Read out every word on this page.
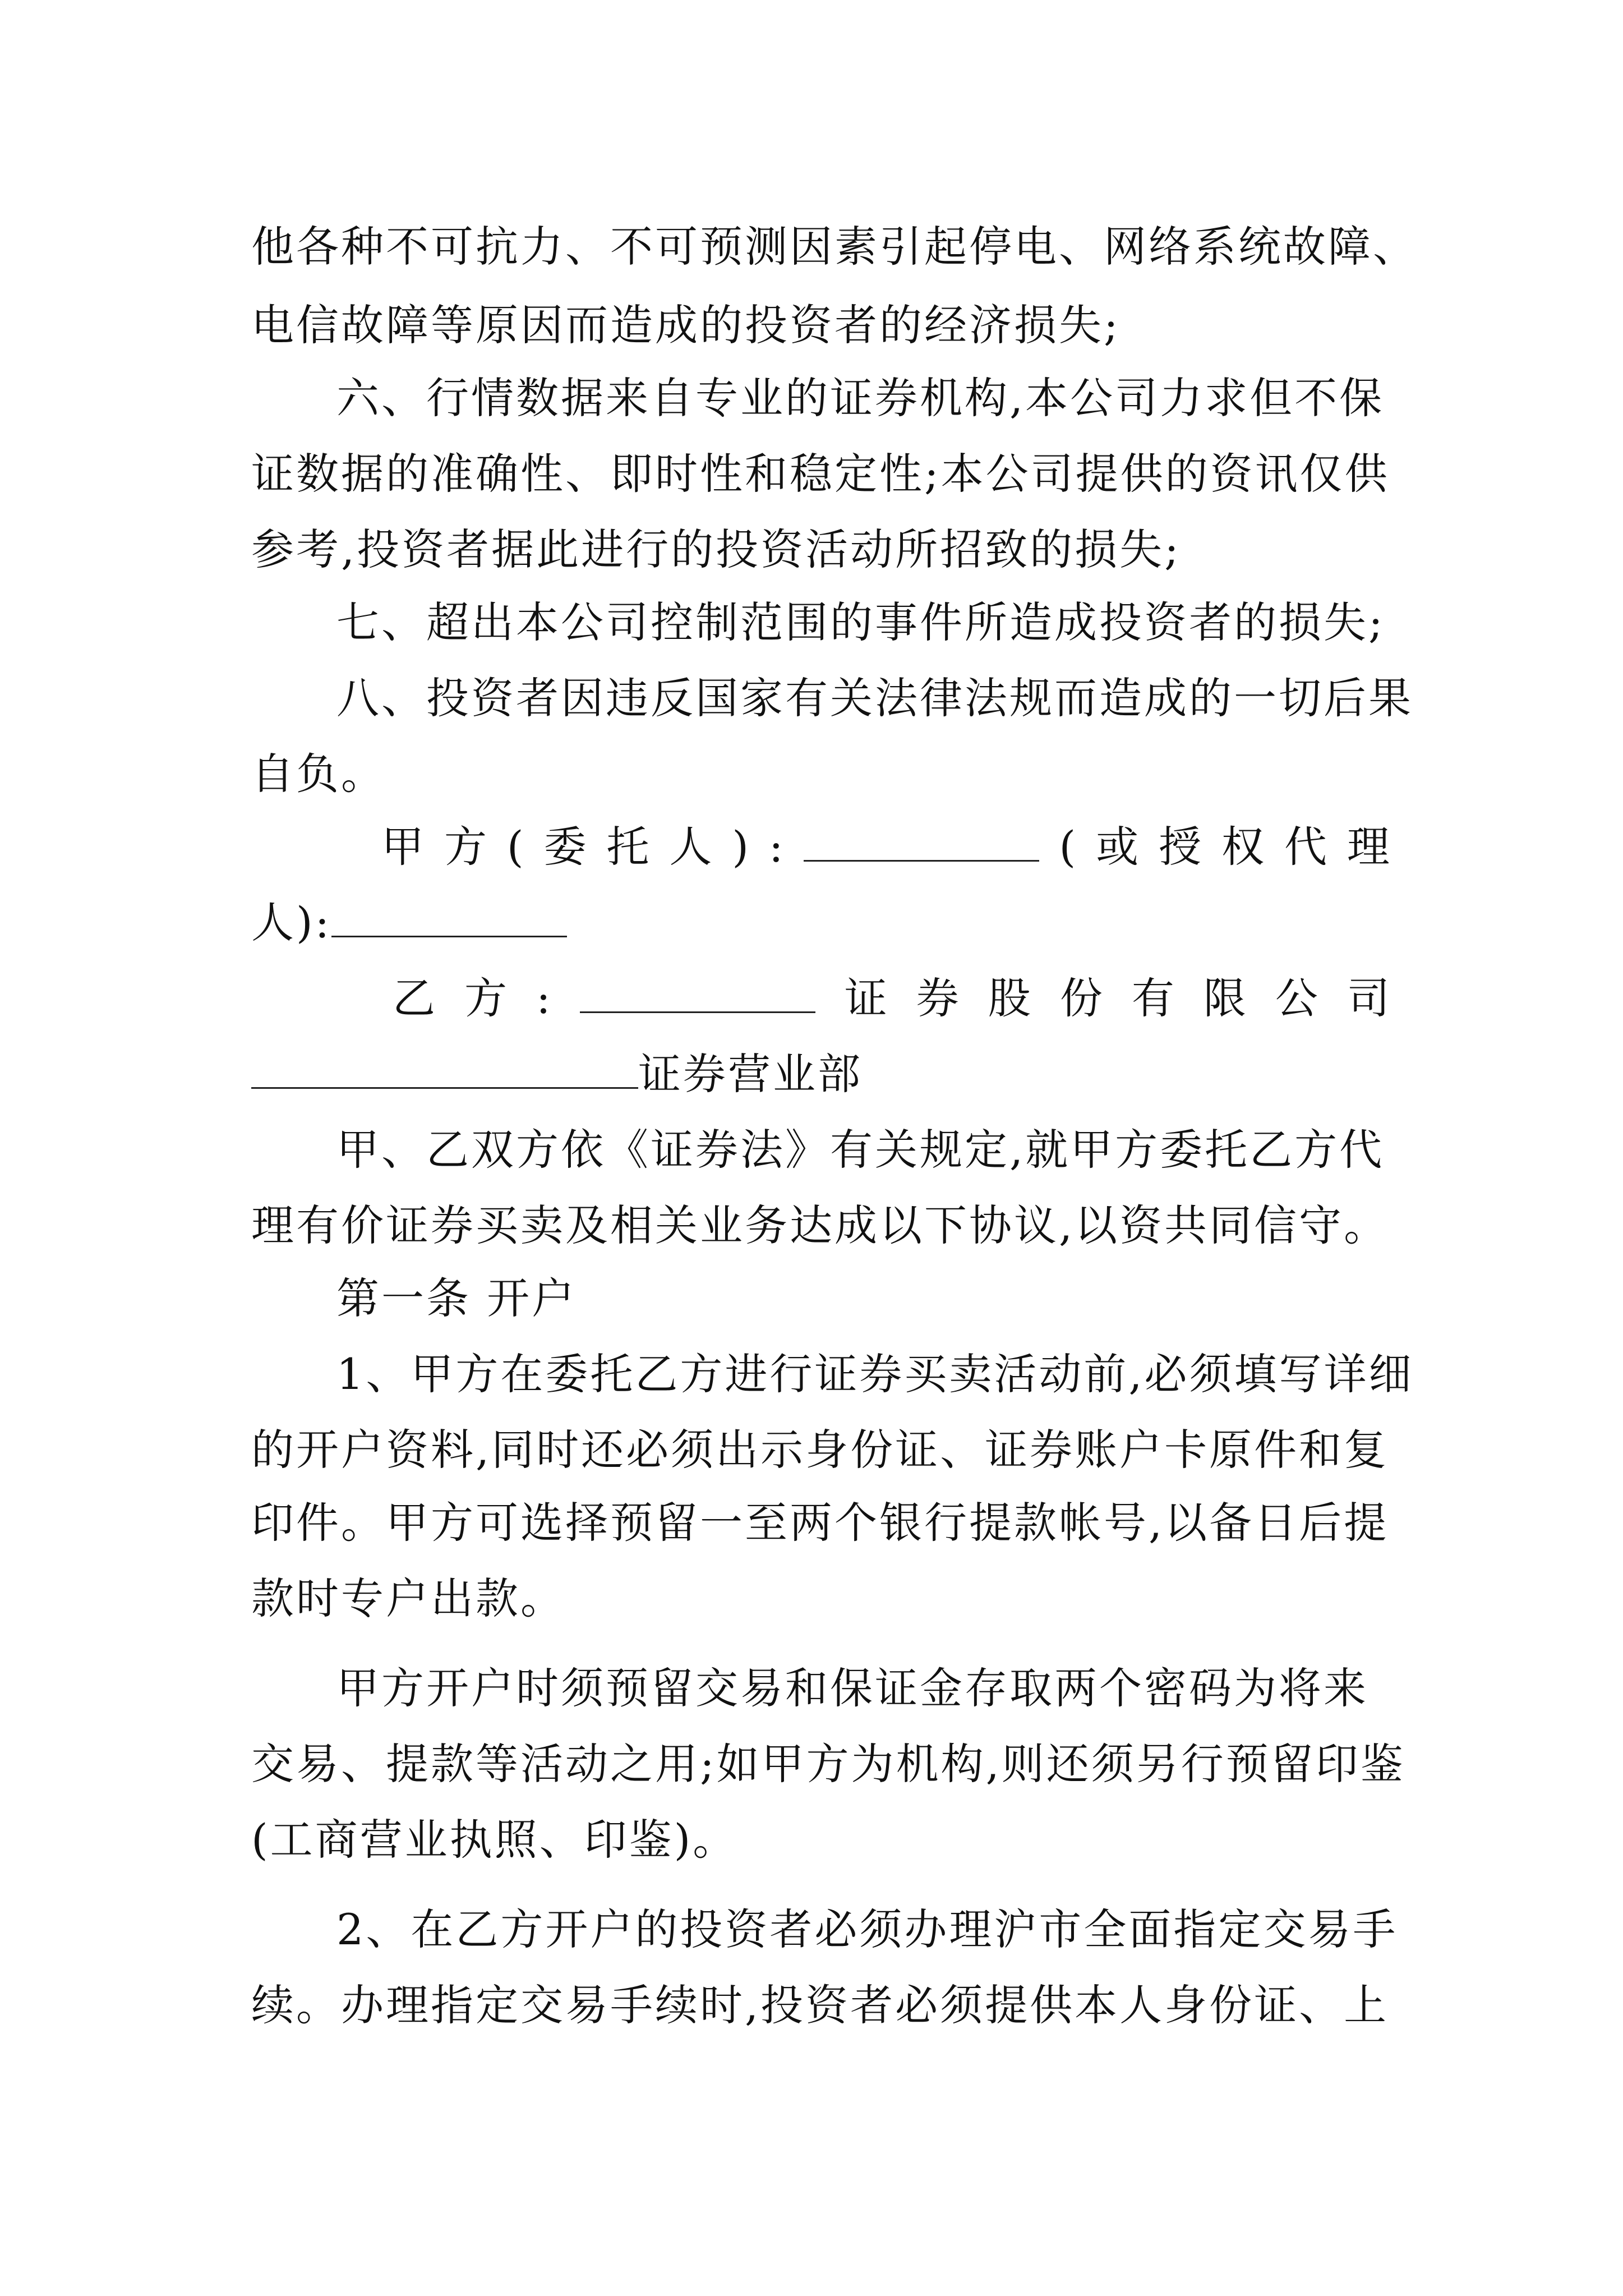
他各种不可抗力、不可预测因素引起停电、网络系统故障、
电信故障等原因而造成的投资者的经济损失;
六、行情数据来自专业的证券机构,本公司力求但不保
证数据的准确性、即时性和稳定性;本公司提供的资讯仅供
参考,投资者据此进行的投资活动所招致的损失;
七、超出本公司控制范围的事件所造成投资者的损失;
八、投资者因违反国家有关法律法规而造成的一切后果
自负。
甲 方 ( 委 托 人 ) :	( 或 授 权 代 理
人):
乙 方 :	证 券 股 份 有 限 公 司
证券营业部
甲、乙双方依《证券法》有关规定,就甲方委托乙方代
理有价证券买卖及相关业务达成以下协议,以资共同信守。
第一条 开户
1、甲方在委托乙方进行证券买卖活动前,必须填写详细
的开户资料,同时还必须出示身份证、证券账户卡原件和复
印件。甲方可选择预留一至两个银行提款帐号,以备日后提
款时专户出款。
甲方开户时须预留交易和保证金存取两个密码为将来
交易、提款等活动之用;如甲方为机构,则还须另行预留印鉴
(工商营业执照、印鉴)。
2、在乙方开户的投资者必须办理沪市全面指定交易手
续。办理指定交易手续时,投资者必须提供本人身份证、上
